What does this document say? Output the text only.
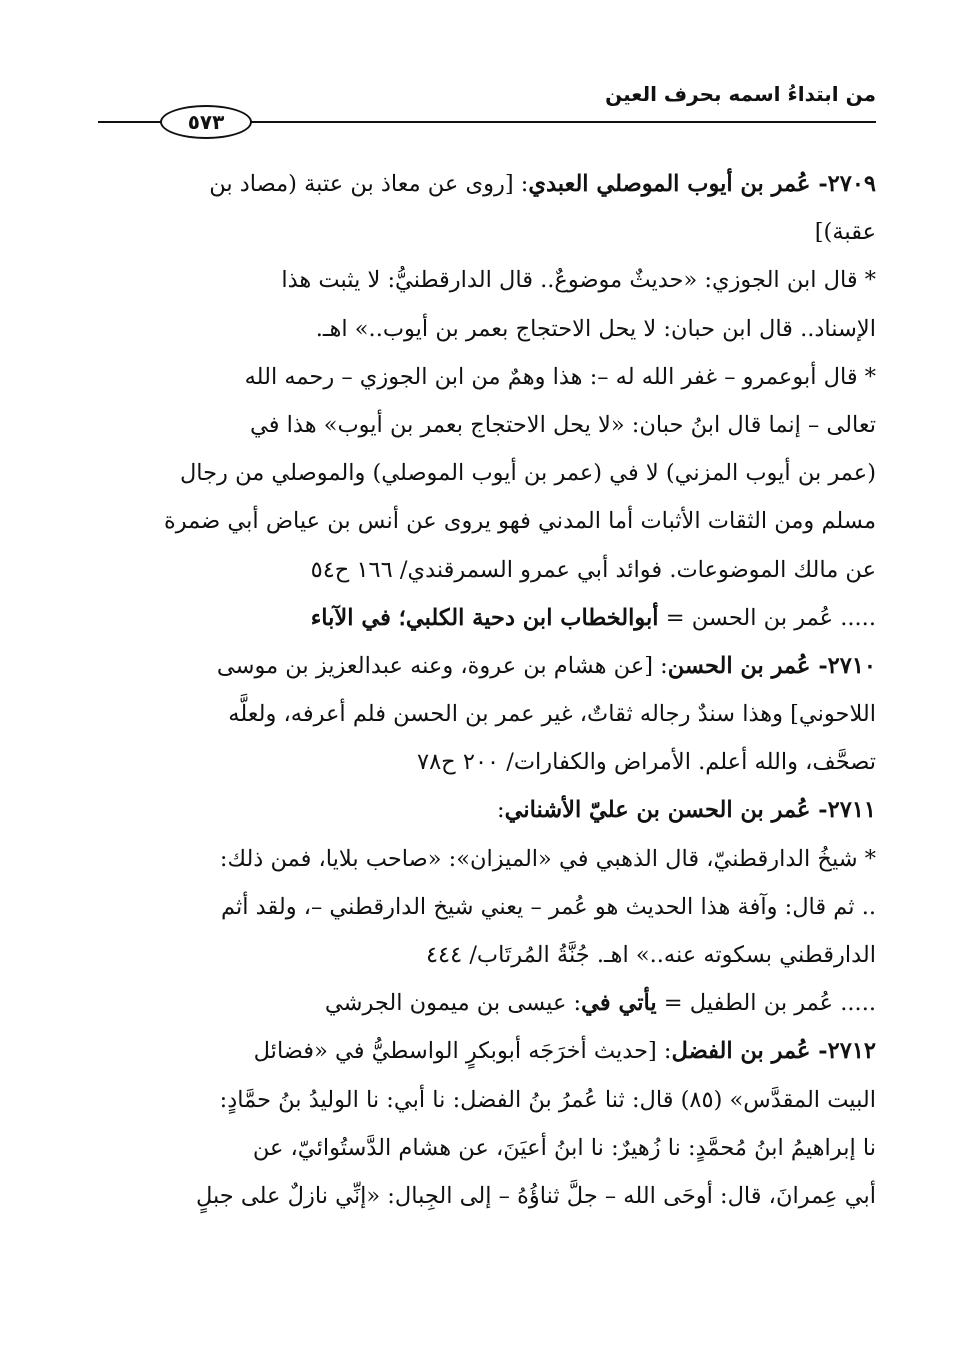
من ابتداءُ اسمه بحرف العين
٥٧٣
٢٧٠٩- عُمر بن أيوب الموصلي العبدي: [روى عن معاذ بن عتبة (مصاد بن
عقبة)]
* قال ابن الجوزي: «حديثٌ موضوعٌ.. قال الدارقطنيُّ: لا يثبت هذا
الإسناد.. قال ابن حبان: لا يحل الاحتجاج بعمر بن أيوب..» اهـ.
* قال أبوعمرو – غفر الله له –: هذا وهمٌ من ابن الجوزي – رحمه الله
تعالى – إنما قال ابنُ حبان: «لا يحل الاحتجاج بعمر بن أيوب» هذا في
(عمر بن أيوب المزني) لا في (عمر بن أيوب الموصلي) والموصلي من رجال
مسلم ومن الثقات الأثبات أما المدني فهو يروى عن أنس بن عياض أبي ضمرة
عن مالك الموضوعات. فوائد أبي عمرو السمرقندي/ ١٦٦ ح٥٤
..... عُمر بن الحسن = أبوالخطاب ابن دحية الكلبي؛ في الآباء
٢٧١٠- عُمر بن الحسن: [عن هشام بن عروة، وعنه عبدالعزيز بن موسى
اللاحوني] وهذا سندٌ رجاله ثقاتٌ، غير عمر بن الحسن فلم أعرفه، ولعلَّه
تصحَّف، والله أعلم. الأمراض والكفارات/ ٢٠٠ ح٧٨
٢٧١١- عُمر بن الحسن بن عليّ الأشناني:
* شيخُ الدارقطنيّ، قال الذهبي في «الميزان»: «صاحب بلايا، فمن ذلك:
.. ثم قال: وآفة هذا الحديث هو عُمر – يعني شيخ الدارقطني –، ولقد أثم
الدارقطني بسكوته عنه..» اهـ. جُنَّةُ المُرتَاب/ ٤٤٤
..... عُمر بن الطفيل = يأتي في: عيسى بن ميمون الجرشي
٢٧١٢- عُمر بن الفضل: [حديث أخرَجَه أبوبكرٍ الواسطيُّ في «فضائل
البيت المقدَّس» (٨٥) قال: ثنا عُمرُ بنُ الفضل: نا أبي: نا الوليدُ بنُ حمَّادٍ:
نا إبراهيمُ ابنُ مُحمَّدٍ: نا زُهيرٌ: نا ابنُ أعيَنَ، عن هشام الدَّستُوائيّ، عن
أبي عِمرانَ، قال: أوحَى الله – جلَّ ثناؤُهُ – إلى الجِبال: «إنِّي نازلٌ على جبلٍ
